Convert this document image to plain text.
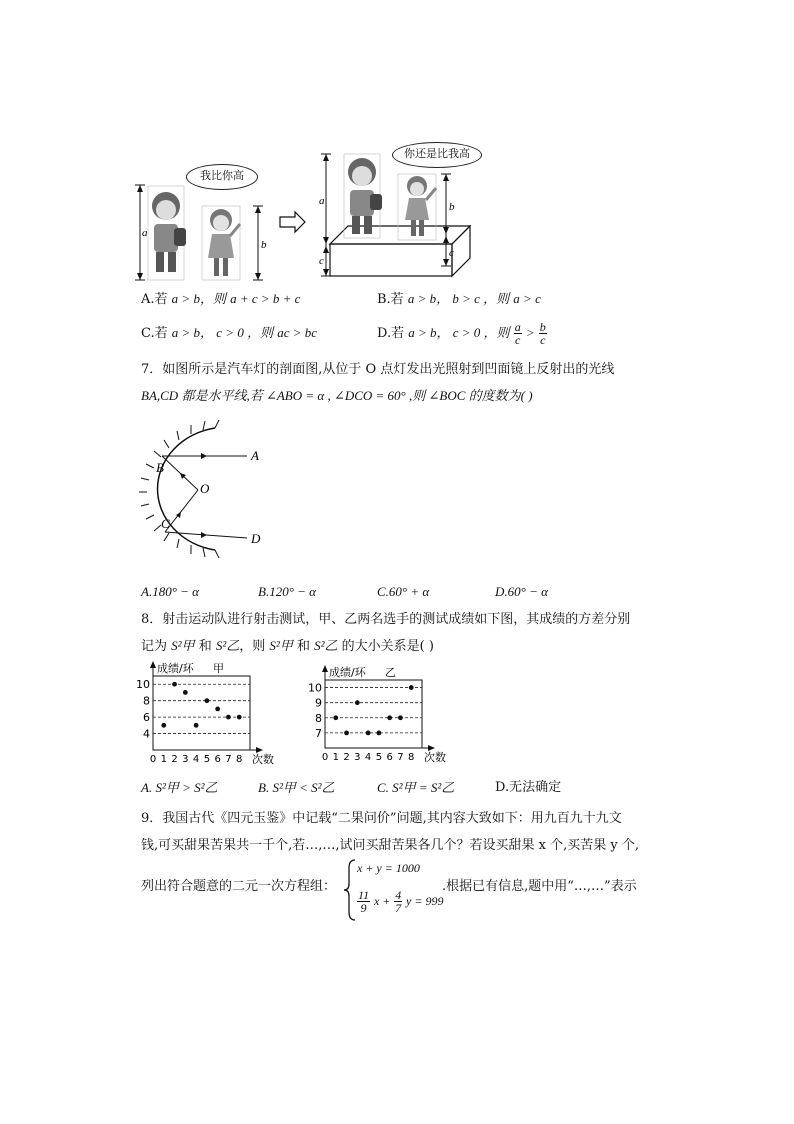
a
b
a
c
b
c
我比你高
你还是比我高
A.若 a > b，则 a + c > b + c	B.若 a > b， b > c ，则 a > c
C.若 a > b， c > 0 ，则 ac > bc	D.若 a > b， c > 0 ，则 $\frac{a}{c} > \frac{b}{c}$
7．如图所示是汽车灯的剖面图,从位于 O 点灯发出光照射到凹面镜上反射出的光线
BA,CD 都是水平线,若 ∠ABO = α , ∠DCO = 60° ,则 ∠BOC 的度数为( )
A
B
O
C
D
A.180° − α	B.120° − α	C.60° + α	D.60° − α
8．射击运动队进行射击测试，甲、乙两名选手的测试成绩如下图，其成绩的方差分别
记为 S²甲 和 S²乙，则 S²甲 和 S²乙 的大小关系是( )
4
6
8
10
0 1 2 3 4 5 6 7 8
成绩/环 甲
次数
7
8
9
10
0 1 2 3 4 5 6 7 8
成绩/环 乙
次数
A. S²甲 > S²乙	B. S²甲 < S²乙	C. S²甲 = S²乙	D.无法确定
9．我国古代《四元玉鉴》中记载“二果问价”问题,其内容大致如下：用九百九十九文
钱,可买甜果苦果共一千个,若…,…,试问买甜苦果各几个？若设买甜果 x 个,买苦果 y 个,
列出符合题意的二元一次方程组：
x + y = 1000
$\frac{11}{9}$ $x + \frac{4}{7}$ y = 999
.根据已有信息,题中用“…,…”表示
